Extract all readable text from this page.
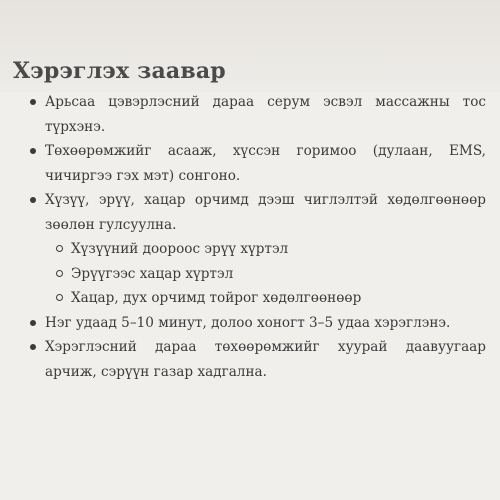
Хэрэглэх заавар
Арьсаа цэвэрлэсний дараа серум эсвэл массажны тос түрхэнэ.
Төхөөрөмжийг асааж, хүссэн горимоо (дулаан, EMS, чичиргээ гэх мэт) сонгоно.
Хүзүү, эрүү, хацар орчимд дээш чиглэлтэй хөдөлгөөнөөр зөөлөн гулсуулна.
Хүзүүний доороос эрүү хүртэл
Эрүүгээс хацар хүртэл
Хацар, дух орчимд тойрог хөдөлгөөнөөр
Нэг удаад 5–10 минут, долоо хоногт 3–5 удаа хэрэглэнэ.
Хэрэглэсний дараа төхөөрөмжийг хуурай даавуугаар арчиж, сэрүүн газар хадгална.
